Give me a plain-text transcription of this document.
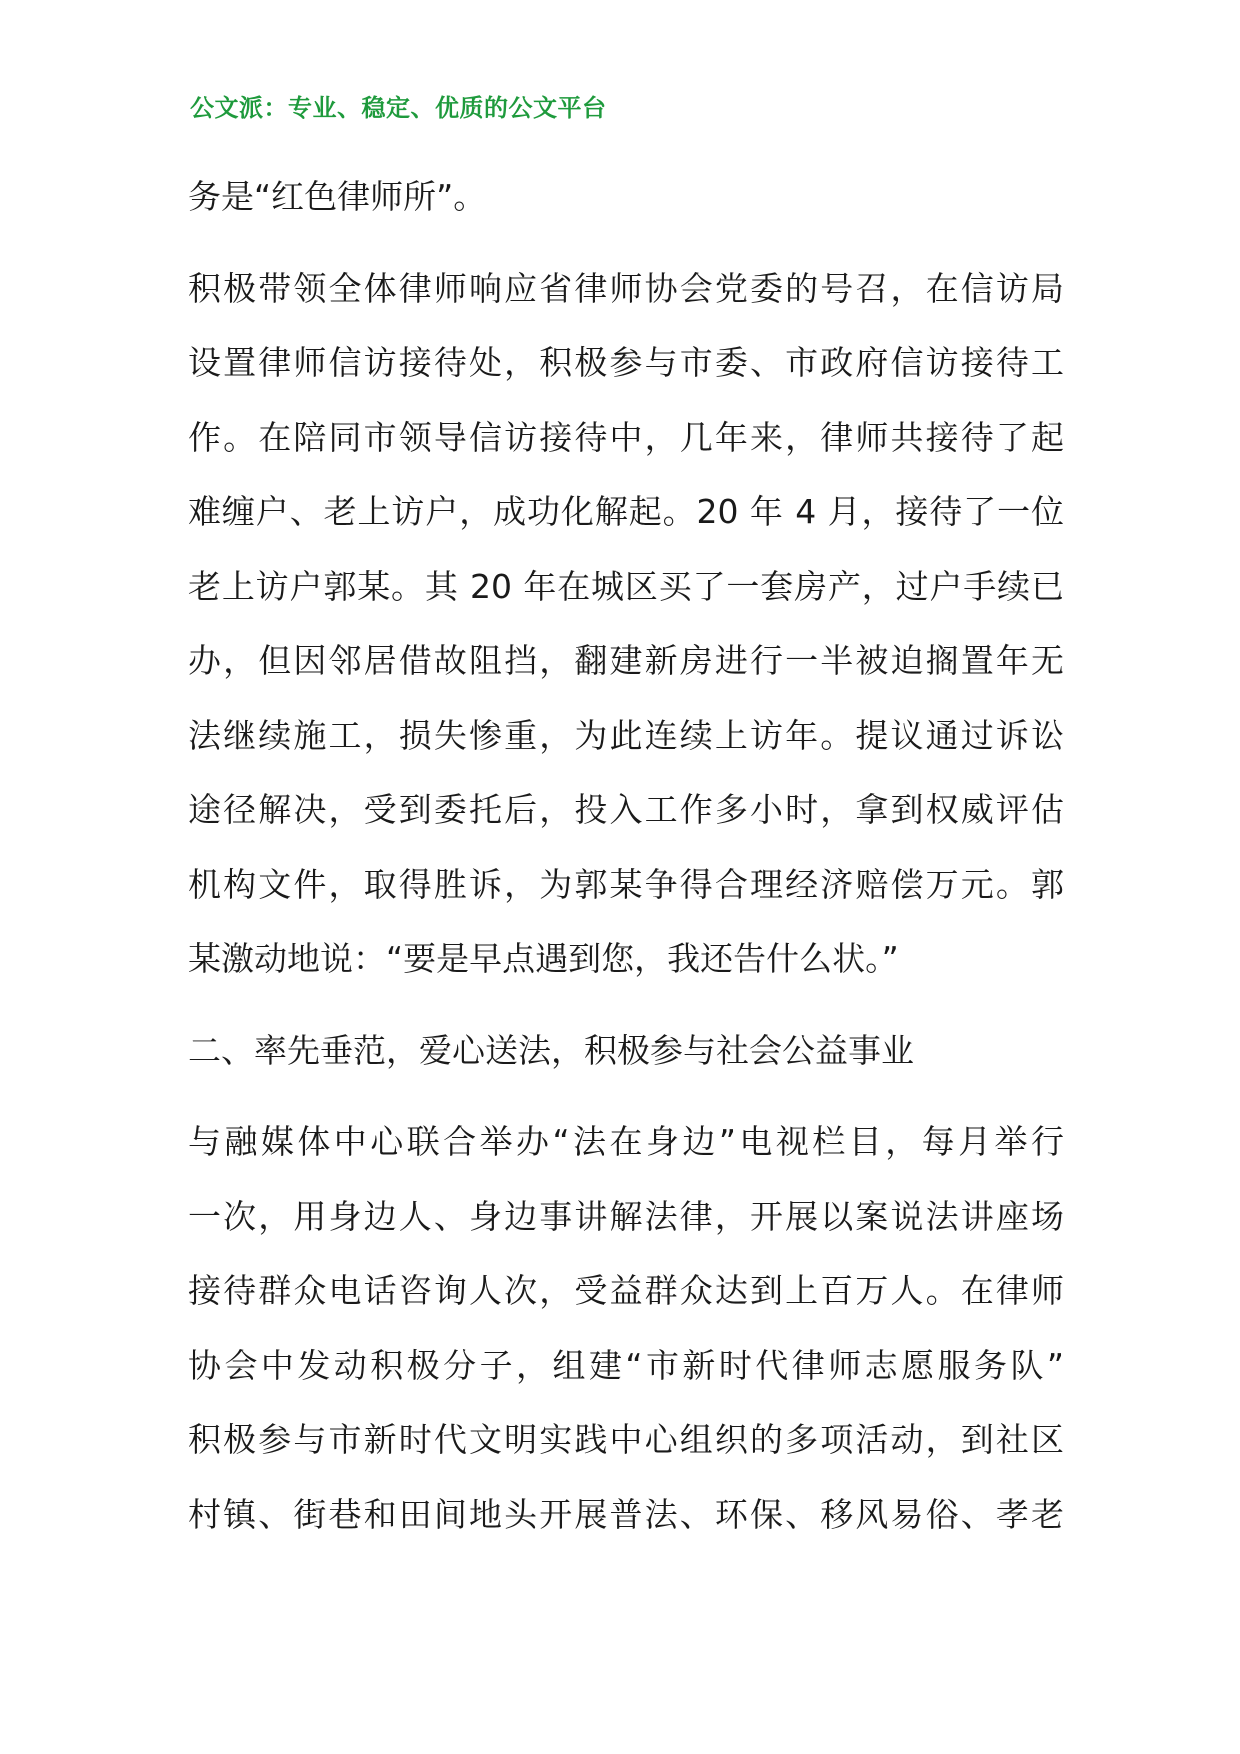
公文派：专业、稳定、优质的公文平台
务是“红色律师所”。
积极带领全体律师响应省律师协会党委的号召，在信访局
设置律师信访接待处，积极参与市委、市政府信访接待工
作。在陪同市领导信访接待中，几年来，律师共接待了起
难缠户、老上访户，成功化解起。20 年 4 月，接待了一位
老上访户郭某。其 20 年在城区买了一套房产，过户手续已
办，但因邻居借故阻挡，翻建新房进行一半被迫搁置年无
法继续施工，损失惨重，为此连续上访年。提议通过诉讼
途径解决，受到委托后，投入工作多小时，拿到权威评估
机构文件，取得胜诉，为郭某争得合理经济赔偿万元。郭
某激动地说：“要是早点遇到您，我还告什么状。”
二、率先垂范，爱心送法，积极参与社会公益事业
与融媒体中心联合举办“法在身边”电视栏目，每月举行
一次，用身边人、身边事讲解法律，开展以案说法讲座场
接待群众电话咨询人次，受益群众达到上百万人。在律师
协会中发动积极分子，组建“市新时代律师志愿服务队”
积极参与市新时代文明实践中心组织的多项活动，到社区
村镇、街巷和田间地头开展普法、环保、移风易俗、孝老
